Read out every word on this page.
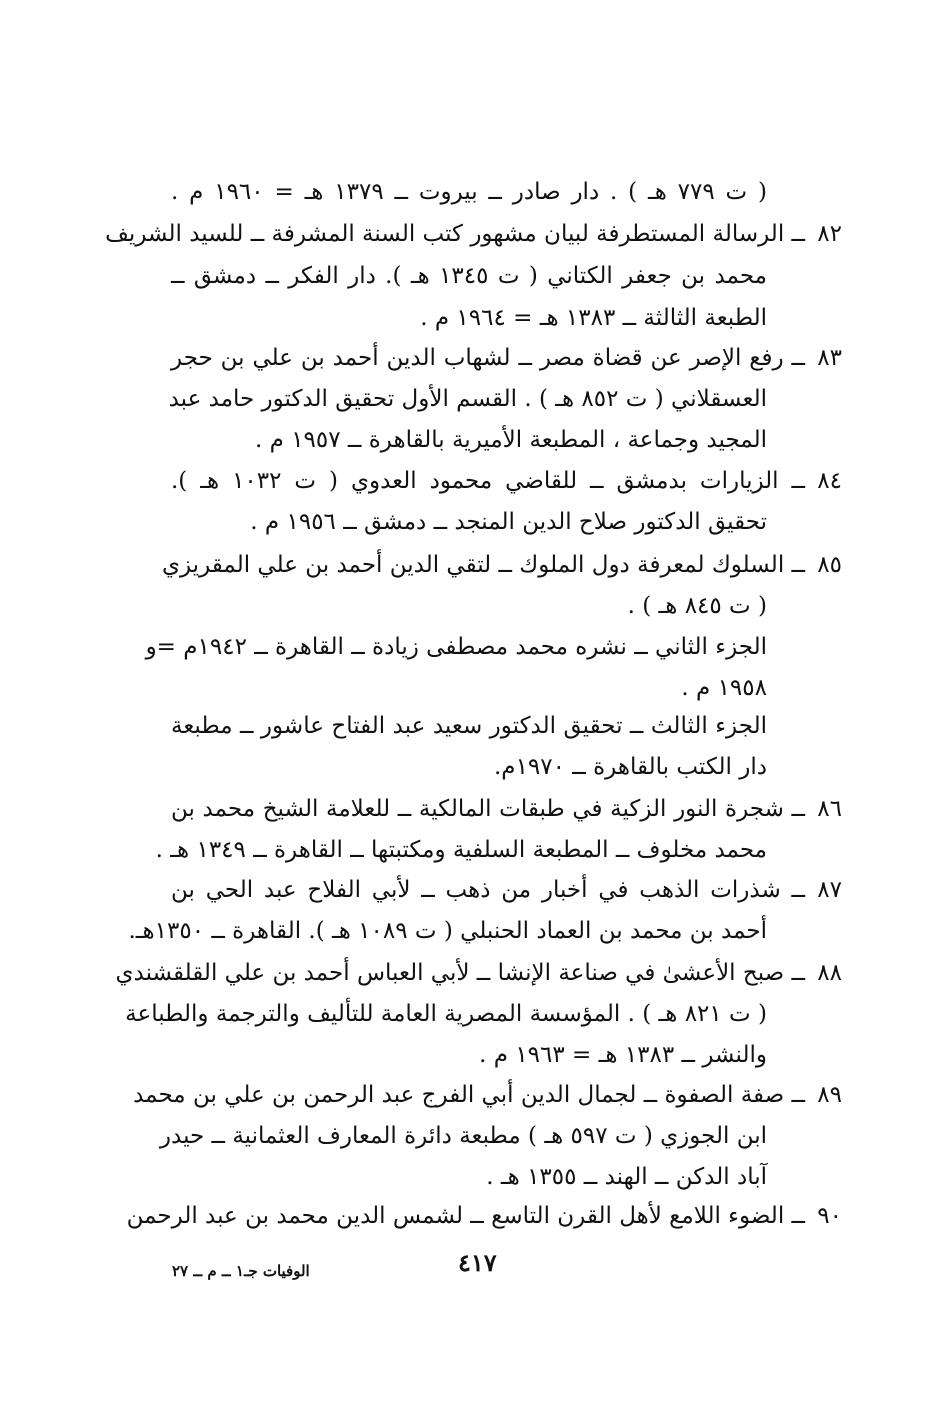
( ت ٧٧٩ هـ ) . دار صادر ــ بيروت ــ ١٣٧٩ هـ = ١٩٦٠ م .
٨٢
ــ الرسالة المستطرفة لبيان مشهور كتب السنة المشرفة ــ للسيد الشريف
محمد بن جعفر الكتاني ( ت ١٣٤٥ هـ ). دار الفكر ــ دمشق ــ
الطبعة الثالثة ــ ١٣٨٣ هـ = ١٩٦٤ م .
٨٣
ــ رفع الإصر عن قضاة مصر ــ لشهاب الدين أحمد بن علي بن حجر
العسقلاني ( ت ٨٥٢ هـ ) . القسم الأول تحقيق الدكتور حامد عبد
المجيد وجماعة ، المطبعة الأميرية بالقاهرة ــ ١٩٥٧ م .
٨٤
ــ الزيارات بدمشق ــ للقاضي محمود العدوي ( ت ١٠٣٢ هـ ).
تحقيق الدكتور صلاح الدين المنجد ــ دمشق ــ ١٩٥٦ م .
٨٥
ــ السلوك لمعرفة دول الملوك ــ لتقي الدين أحمد بن علي المقريزي
( ت ٨٤٥ هـ ) .
الجزء الثاني ــ نشره محمد مصطفى زيادة ــ القاهرة ــ ١٩٤٢م =و
١٩٥٨ م .
الجزء الثالث ــ تحقيق الدكتور سعيد عبد الفتاح عاشور ــ مطبعة
دار الكتب بالقاهرة ــ ١٩٧٠م.
٨٦
ــ شجرة النور الزكية في طبقات المالكية ــ للعلامة الشيخ محمد بن
محمد مخلوف ــ المطبعة السلفية ومكتبتها ــ القاهرة ــ ١٣٤٩ هـ .
٨٧
ــ شذرات الذهب في أخبار من ذهب ــ لأبي الفلاح عبد الحي بن
أحمد بن محمد بن العماد الحنبلي ( ت ١٠٨٩ هـ ). القاهرة ــ ١٣٥٠هـ.
٨٨
ــ صبح الأعشىٰ في صناعة الإنشا ــ لأبي العباس أحمد بن علي القلقشندي
( ت ٨٢١ هـ ) . المؤسسة المصرية العامة للتأليف والترجمة والطباعة
والنشر ــ ١٣٨٣ هـ = ١٩٦٣ م .
٨٩
ــ صفة الصفوة ــ لجمال الدين أبي الفرج عبد الرحمن بن علي بن محمد
ابن الجوزي ( ت ٥٩٧ هـ ) مطبعة دائرة المعارف العثمانية ــ حيدر
آباد الدكن ــ الهند ــ ١٣٥٥ هـ .
٩٠
ــ الضوء اللامع لأهل القرن التاسع ــ لشمس الدين محمد بن عبد الرحمن
٤١٧
الوفيات جـ١ ــ م ــ ٢٧
